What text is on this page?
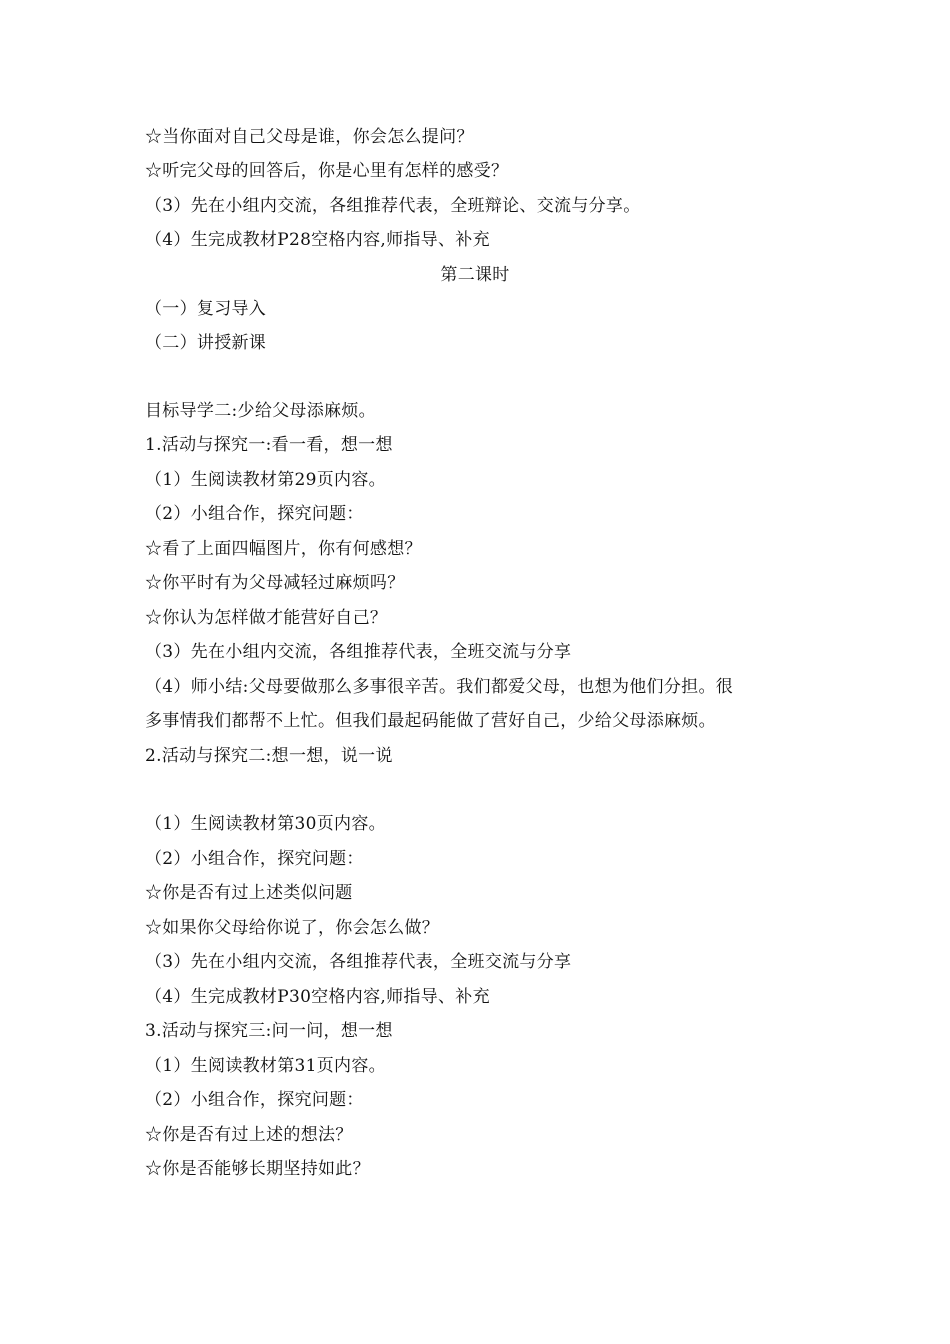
☆当你面对自己父母是谁，你会怎么提问？
☆听完父母的回答后，你是心里有怎样的感受？
（3）先在小组内交流，各组推荐代表，全班辩论、交流与分享。
（4）生完成教材P28空格内容,师指导、补充
第二课时
（一）复习导入
（二）讲授新课
目标导学二:少给父母添麻烦。
1.活动与探究一:看一看，想一想
（1）生阅读教材第29页内容。
（2）小组合作，探究问题：
☆看了上面四幅图片，你有何感想？
☆你平时有为父母减轻过麻烦吗？
☆你认为怎样做才能营好自己？
（3）先在小组内交流，各组推荐代表，全班交流与分享
（4）师小结:父母要做那么多事很辛苦。我们都爱父母，也想为他们分担。很
多事情我们都帮不上忙。但我们最起码能做了营好自己，少给父母添麻烦。
2.活动与探究二:想一想，说一说
（1）生阅读教材第30页内容。
（2）小组合作，探究问题：
☆你是否有过上述类似问题
☆如果你父母给你说了，你会怎么做？
（3）先在小组内交流，各组推荐代表，全班交流与分享
（4）生完成教材P30空格内容,师指导、补充
3.活动与探究三:问一问，想一想
（1）生阅读教材第31页内容。
（2）小组合作，探究问题：
☆你是否有过上述的想法？
☆你是否能够长期坚持如此？
